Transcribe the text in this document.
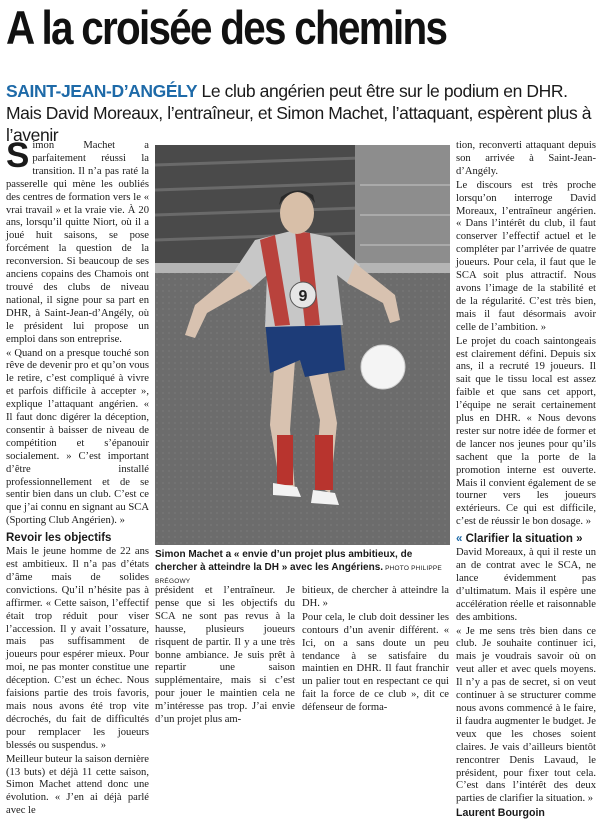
A la croisée des chemins
SAINT-JEAN-D’ANGÉLY Le club angérien peut être sur le podium en DHR. Mais David Moreaux, l’entraîneur, et Simon Machet, l’attaquant, espèrent plus à l’avenir

Simon Machet a parfaitement réussi la transition. Il n’a pas raté la passerelle qui mène les oubliés des centres de formation vers le « vrai travail » et la vraie vie. À 20 ans, lorsqu’il quitte Niort, où il a joué huit saisons, se pose forcément la question de la reconversion. Si beaucoup de ses anciens copains des Chamois ont trouvé des clubs de niveau national, il signe pour sa part en DHR, à Saint-Jean-d’Angély, où le président lui propose un emploi dans son entreprise.

« Quand on a presque touché son rêve de devenir pro et qu’on vous le retire, c’est compliqué à vivre et parfois difficile à accepter », explique l’attaquant angérien. « Il faut donc digérer la déception, consentir à baisser de niveau de compétition et s’épanouir socialement. » C’est important d’être installé professionnellement et de se sentir bien dans un club. C’est ce que j’ai connu en signant au SCA (Sporting Club Angérien). »

Revoir les objectifs

Mais le jeune homme de 22 ans est ambitieux. Il n’a pas d’états d’âme mais de solides convictions. Qu’il n’hésite pas à affirmer. « Cette saison, l’effectif était trop réduit pour viser l’accession. Il y avait l’ossature, mais pas suffisamment de joueurs pour espérer mieux. Pour moi, ne pas monter constitue une déception. C’est un échec. Nous faisions partie des trois favoris, mais nous avons été trop vite décrochés, du fait de difficultés pour remplacer les joueurs blessés ou suspendus. »

Meilleur buteur la saison dernière (13 buts) et déjà 11 cette saison, Simon Machet attend donc une évolution. « J’en ai déjà parlé avec le

9
Simon Machet a « envie d’un projet plus ambitieux, de chercher à atteindre la DH » avec les Angériens. PHOTO PHILIPPE BRÉGOWY

président et l’entraîneur. Je pense que si les objectifs du SCA ne sont pas revus à la hausse, plusieurs joueurs risquent de partir. Il y a une très bonne ambiance. Je suis prêt à repartir une saison supplémentaire, mais si c’est pour jouer le maintien cela ne m’intéresse pas trop. J’ai envie d’un projet plus am-

bitieux, de chercher à atteindre la DH. »

Pour cela, le club doit dessiner les contours d’un avenir différent. « Ici, on a sans doute un peu tendance à se satisfaire du maintien en DHR. Il faut franchir un palier tout en respectant ce qui fait la force de ce club », dit ce défenseur de forma-

tion, reconverti attaquant depuis son arrivée à Saint-Jean-d’Angély.

Le discours est très proche lorsqu’on interroge David Moreaux, l’entraîneur angérien. « Dans l’intérêt du club, il faut conserver l’effectif actuel et le compléter par l’arrivée de quatre joueurs. Pour cela, il faut que le SCA soit plus attractif. Nous avons l’image de la stabilité et de la régularité. C’est très bien, mais il faut désormais avoir celle de l’ambition. »

Le projet du coach saintongeais est clairement défini. Depuis six ans, il a recruté 19 joueurs. Il sait que le tissu local est assez faible et que sans cet apport, l’équipe ne serait certainement plus en DHR. « Nous devons rester sur notre idée de former et de lancer nos jeunes pour qu’ils sachent que la porte de la promotion interne est ouverte. Mais il convient également de se tourner vers les joueurs extérieurs. Ce qui est difficile, c’est de réussir le bon dosage. »

« Clarifier la situation »

David Moreaux, à qui il reste un an de contrat avec le SCA, ne lance évidemment pas d’ultimatum. Mais il espère une accélération réelle et raisonnable des ambitions.

« Je me sens très bien dans ce club. Je souhaite continuer ici, mais je voudrais savoir où on veut aller et avec quels moyens. Il n’y a pas de secret, si on veut continuer à se structurer comme nous avons commencé à le faire, il faudra augmenter le budget. Je veux que les choses soient claires. Je vais d’ailleurs bientôt rencontrer Denis Lavaud, le président, pour fixer tout cela. C’est dans l’intérêt des deux parties de clarifier la situation. »

Laurent Bourgoin
